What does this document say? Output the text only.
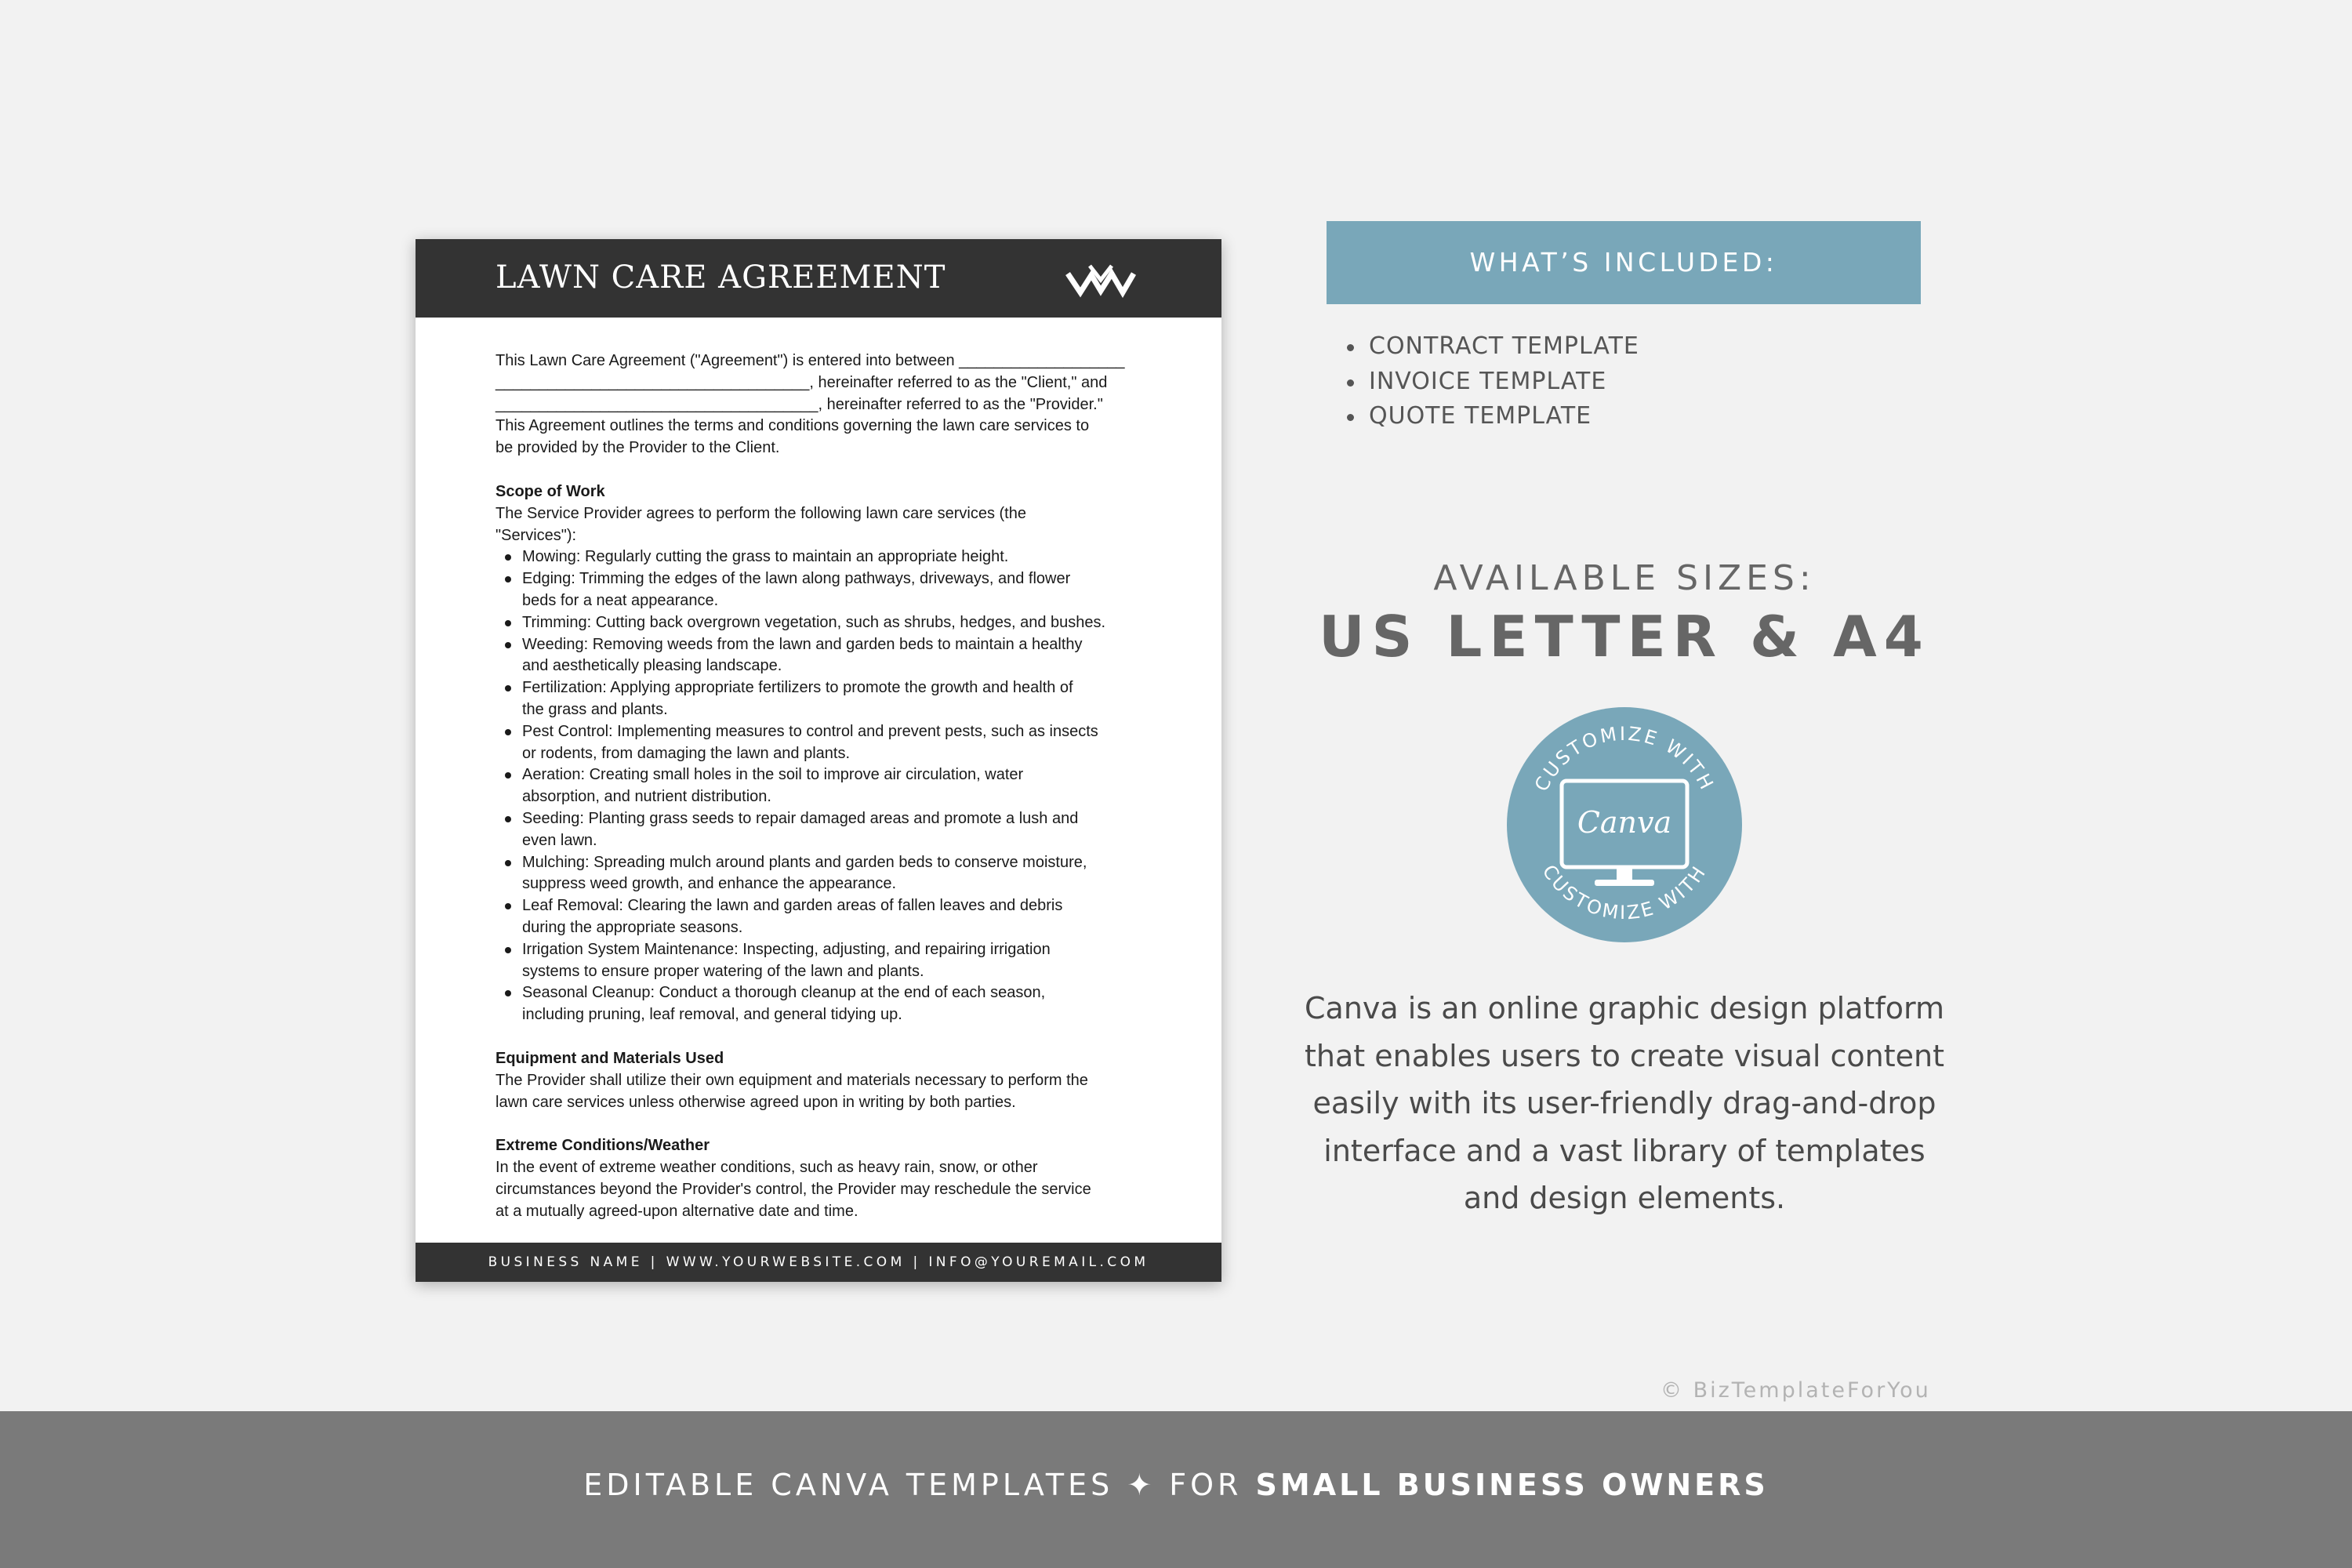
LAWN CARE AGREEMENT

This Lawn Care Agreement ("Agreement") is entered into between ___________________

____________________________________, hereinafter referred to as the "Client," and

_____________________________________, hereinafter referred to as the "Provider."

This Agreement outlines the terms and conditions governing the lawn care services to

be provided by the Provider to the Client.

Scope of Work

The Service Provider agrees to perform the following lawn care services (the

"Services"):

Mowing: Regularly cutting the grass to maintain an appropriate height.

Edging: Trimming the edges of the lawn along pathways, driveways, and flower

beds for a neat appearance.

Trimming: Cutting back overgrown vegetation, such as shrubs, hedges, and bushes.

Weeding: Removing weeds from the lawn and garden beds to maintain a healthy

and aesthetically pleasing landscape.

Fertilization: Applying appropriate fertilizers to promote the growth and health of

the grass and plants.

Pest Control: Implementing measures to control and prevent pests, such as insects

or rodents, from damaging the lawn and plants.

Aeration: Creating small holes in the soil to improve air circulation, water

absorption, and nutrient distribution.

Seeding: Planting grass seeds to repair damaged areas and promote a lush and

even lawn.

Mulching: Spreading mulch around plants and garden beds to conserve moisture,

suppress weed growth, and enhance the appearance.

Leaf Removal: Clearing the lawn and garden areas of fallen leaves and debris

during the appropriate seasons.

Irrigation System Maintenance: Inspecting, adjusting, and repairing irrigation

systems to ensure proper watering of the lawn and plants.

Seasonal Cleanup: Conduct a thorough cleanup at the end of each season,

including pruning, leaf removal, and general tidying up.

Equipment and Materials Used

The Provider shall utilize their own equipment and materials necessary to perform the

lawn care services unless otherwise agreed upon in writing by both parties.

Extreme Conditions/Weather

In the event of extreme weather conditions, such as heavy rain, snow, or other

circumstances beyond the Provider's control, the Provider may reschedule the service

at a mutually agreed-upon alternative date and time.

BUSINESS NAME | WWW.YOURWEBSITE.COM | INFO@YOUREMAIL.COM
WHAT’S INCLUDED:
CONTRACT TEMPLATE
INVOICE TEMPLATE
QUOTE TEMPLATE
AVAILABLE SIZES:
US LETTER & A4
CUSTOMIZE WITH
CUSTOMIZE WITH
Canva

Canva is an online graphic design platform

that enables users to create visual content

easily with its user-friendly drag-and-drop

interface and a vast library of templates

and design elements.

© BizTemplateForYou
EDITABLE CANVA TEMPLATES ✦ FOR SMALL BUSINESS OWNERS
